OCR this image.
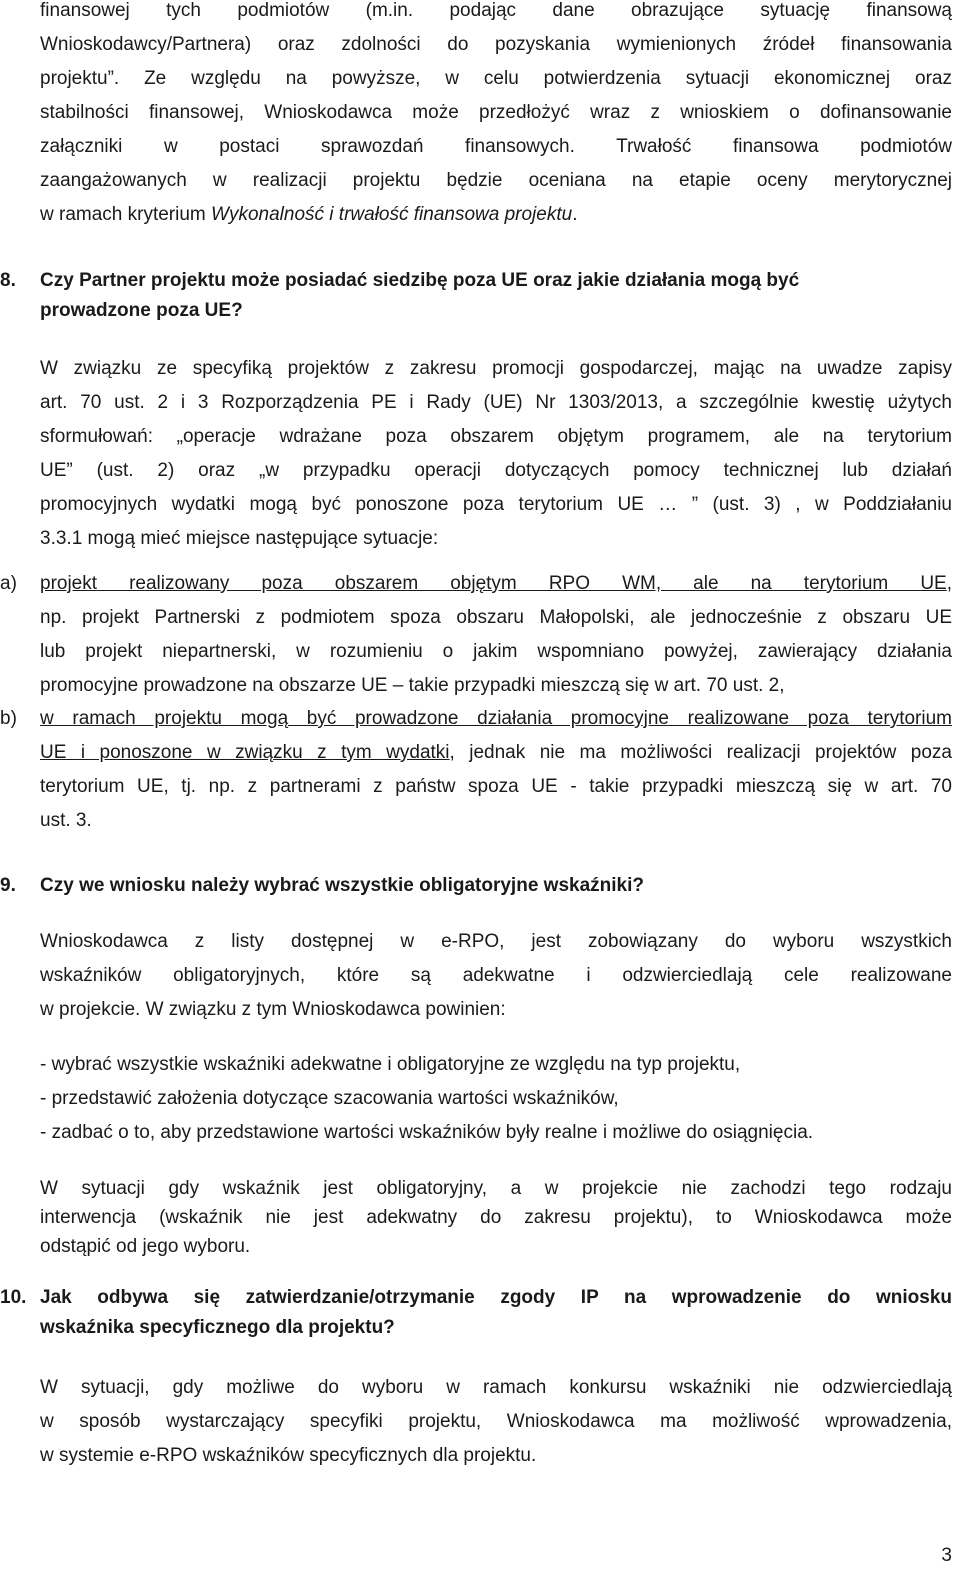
finansowej tych podmiotów (m.in. podając dane obrazujące sytuację finansową
Wnioskodawcy/Partnera) oraz zdolności do pozyskania wymienionych źródeł finansowania
projektu”. Ze względu na powyższe, w celu potwierdzenia sytuacji ekonomicznej oraz
stabilności finansowej, Wnioskodawca może przedłożyć wraz z wnioskiem o dofinansowanie
załączniki w postaci sprawozdań finansowych. Trwałość finansowa podmiotów
zaangażowanych w realizacji projektu będzie oceniana na etapie oceny merytorycznej
w ramach kryterium Wykonalność i trwałość finansowa projektu.
8. Czy Partner projektu może posiadać siedzibę poza UE oraz jakie działania mogą być
prowadzone poza UE?
W związku ze specyfiką projektów z zakresu promocji gospodarczej, mając na uwadze zapisy
art. 70 ust. 2 i 3 Rozporządzenia PE i Rady (UE) Nr 1303/2013, a szczególnie kwestię użytych
sformułowań: „operacje wdrażane poza obszarem objętym programem, ale na terytorium
UE” (ust. 2) oraz „w przypadku operacji dotyczących pomocy technicznej lub działań
promocyjnych wydatki mogą być ponoszone poza terytorium UE … ” (ust. 3) , w Poddziałaniu
3.3.1 mogą mieć miejsce następujące sytuacje:
a) projekt realizowany poza obszarem objętym RPO WM, ale na terytorium UE,
np. projekt Partnerski z podmiotem spoza obszaru Małopolski, ale jednocześnie z obszaru UE
lub projekt niepartnerski, w rozumieniu o jakim wspomniano powyżej, zawierający działania
promocyjne prowadzone na obszarze UE – takie przypadki mieszczą się w art. 70 ust. 2,
b) w ramach projektu mogą być prowadzone działania promocyjne realizowane poza terytorium
UE i ponoszone w związku z tym wydatki, jednak nie ma możliwości realizacji projektów poza
terytorium UE, tj. np. z partnerami z państw spoza UE - takie przypadki mieszczą się w art. 70
ust. 3.
9. Czy we wniosku należy wybrać wszystkie obligatoryjne wskaźniki?
Wnioskodawca z listy dostępnej w e-RPO, jest zobowiązany do wyboru wszystkich
wskaźników obligatoryjnych, które są adekwatne i odzwierciedlają cele realizowane
w projekcie. W związku z tym Wnioskodawca powinien:
- wybrać wszystkie wskaźniki adekwatne i obligatoryjne ze względu na typ projektu,
- przedstawić założenia dotyczące szacowania wartości wskaźników,
- zadbać o to, aby przedstawione wartości wskaźników były realne i możliwe do osiągnięcia.
W sytuacji gdy wskaźnik jest obligatoryjny, a w projekcie nie zachodzi tego rodzaju
interwencja (wskaźnik nie jest adekwatny do zakresu projektu), to Wnioskodawca może
odstąpić od jego wyboru.
10. Jak odbywa się zatwierdzanie/otrzymanie zgody IP na wprowadzenie do wniosku
wskaźnika specyficznego dla projektu?
W sytuacji, gdy możliwe do wyboru w ramach konkursu wskaźniki nie odzwierciedlają
w sposób wystarczający specyfiki projektu, Wnioskodawca ma możliwość wprowadzenia,
w systemie e-RPO wskaźników specyficznych dla projektu.
3
